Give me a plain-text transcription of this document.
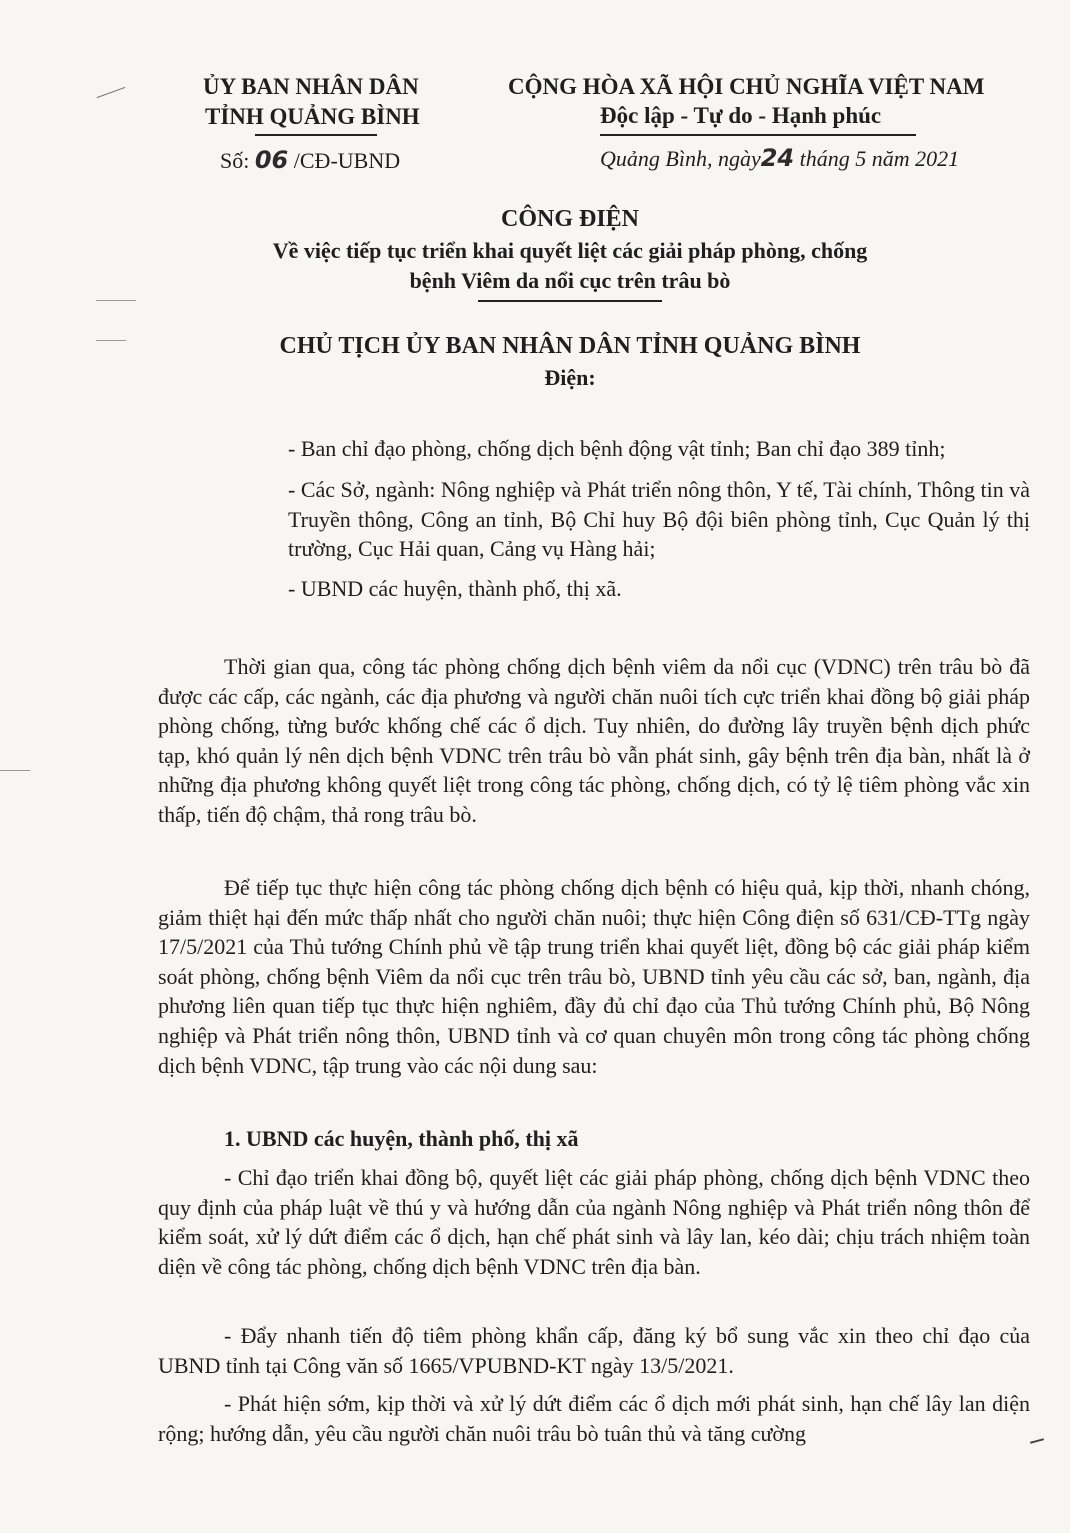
ỦY BAN NHÂN DÂN
TỈNH QUẢNG BÌNH
Số: 06 /CĐ-UBND
CỘNG HÒA XÃ HỘI CHỦ NGHĨA VIỆT NAM
Độc lập - Tự do - Hạnh phúc
Quảng Bình, ngày24 tháng 5 năm 2021
CÔNG ĐIỆN
Về việc tiếp tục triển khai quyết liệt các giải pháp phòng, chống
bệnh Viêm da nổi cục trên trâu bò
CHỦ TỊCH ỦY BAN NHÂN DÂN TỈNH QUẢNG BÌNH
Điện:
- Ban chỉ đạo phòng, chống dịch bệnh động vật tỉnh; Ban chỉ đạo 389 tỉnh;
- Các Sở, ngành: Nông nghiệp và Phát triển nông thôn, Y tế, Tài chính, Thông tin và Truyền thông, Công an tỉnh, Bộ Chỉ huy Bộ đội biên phòng tỉnh, Cục Quản lý thị trường, Cục Hải quan, Cảng vụ Hàng hải;
- UBND các huyện, thành phố, thị xã.
Thời gian qua, công tác phòng chống dịch bệnh viêm da nổi cục (VDNC) trên trâu bò đã được các cấp, các ngành, các địa phương và người chăn nuôi tích cực triển khai đồng bộ giải pháp phòng chống, từng bước khống chế các ổ dịch. Tuy nhiên, do đường lây truyền bệnh dịch phức tạp, khó quản lý nên dịch bệnh VDNC trên trâu bò vẫn phát sinh, gây bệnh trên địa bàn, nhất là ở những địa phương không quyết liệt trong công tác phòng, chống dịch, có tỷ lệ tiêm phòng vắc xin thấp, tiến độ chậm, thả rong trâu bò.
Để tiếp tục thực hiện công tác phòng chống dịch bệnh có hiệu quả, kịp thời, nhanh chóng, giảm thiệt hại đến mức thấp nhất cho người chăn nuôi; thực hiện Công điện số 631/CĐ-TTg ngày 17/5/2021 của Thủ tướng Chính phủ về tập trung triển khai quyết liệt, đồng bộ các giải pháp kiểm soát phòng, chống bệnh Viêm da nổi cục trên trâu bò, UBND tỉnh yêu cầu các sở, ban, ngành, địa phương liên quan tiếp tục thực hiện nghiêm, đầy đủ chỉ đạo của Thủ tướng Chính phủ, Bộ Nông nghiệp và Phát triển nông thôn, UBND tỉnh và cơ quan chuyên môn trong công tác phòng chống dịch bệnh VDNC, tập trung vào các nội dung sau:
1. UBND các huyện, thành phố, thị xã
- Chỉ đạo triển khai đồng bộ, quyết liệt các giải pháp phòng, chống dịch bệnh VDNC theo quy định của pháp luật về thú y và hướng dẫn của ngành Nông nghiệp và Phát triển nông thôn để kiểm soát, xử lý dứt điểm các ổ dịch, hạn chế phát sinh và lây lan, kéo dài; chịu trách nhiệm toàn diện về công tác phòng, chống dịch bệnh VDNC trên địa bàn.
- Đẩy nhanh tiến độ tiêm phòng khẩn cấp, đăng ký bổ sung vắc xin theo chỉ đạo của UBND tỉnh tại Công văn số 1665/VPUBND-KT ngày 13/5/2021.
- Phát hiện sớm, kịp thời và xử lý dứt điểm các ổ dịch mới phát sinh, hạn chế lây lan diện rộng; hướng dẫn, yêu cầu người chăn nuôi trâu bò tuân thủ và tăng cường
